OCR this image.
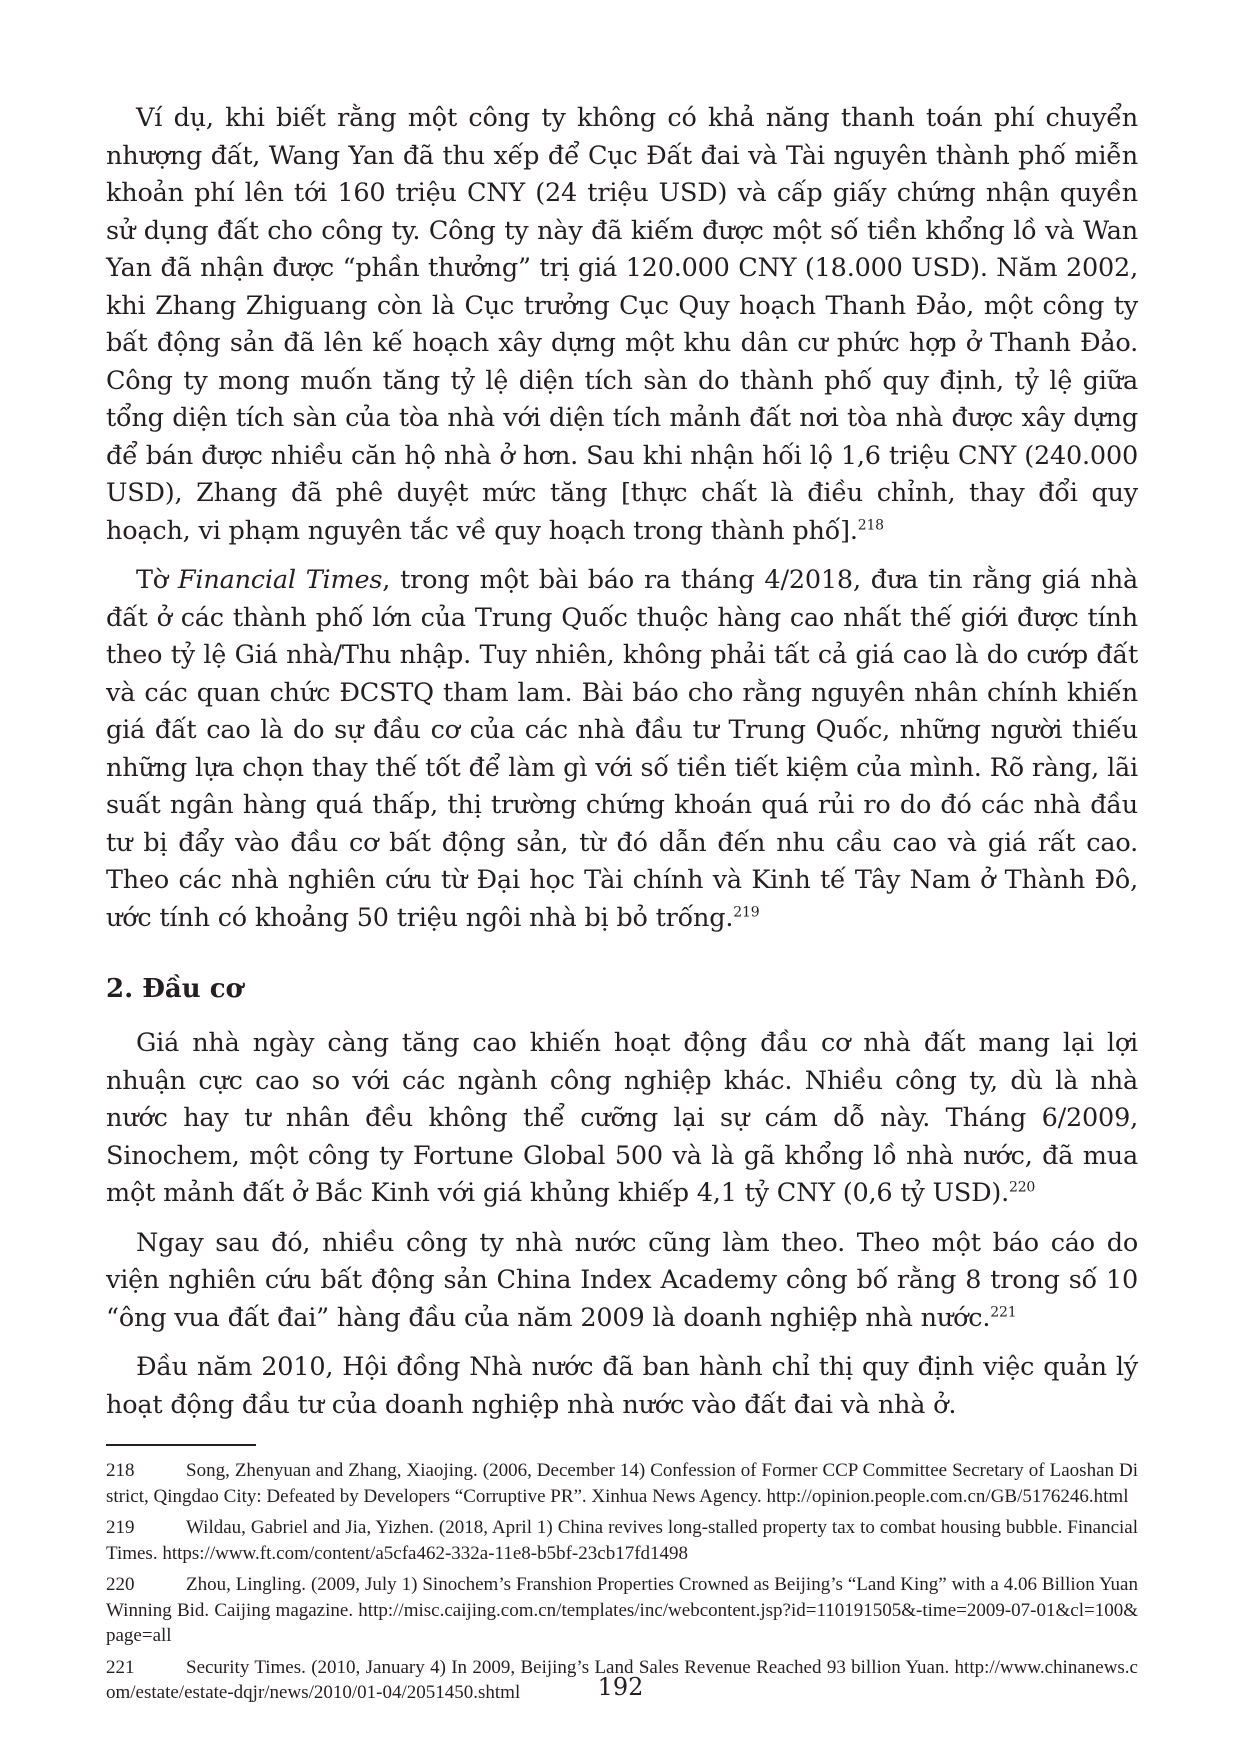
Ví dụ, khi biết rằng một công ty không có khả năng thanh toán phí chuyển nhượng đất, Wang Yan đã thu xếp để Cục Đất đai và Tài nguyên thành phố miễn khoản phí lên tới 160 triệu CNY (24 triệu USD) và cấp giấy chứng nhận quyền sử dụng đất cho công ty. Công ty này đã kiếm được một số tiền khổng lồ và Wan Yan đã nhận được “phần thưởng” trị giá 120.000 CNY (18.000 USD). Năm 2002, khi Zhang Zhiguang còn là Cục trưởng Cục Quy hoạch Thanh Đảo, một công ty bất động sản đã lên kế hoạch xây dựng một khu dân cư phức hợp ở Thanh Đảo. Công ty mong muốn tăng tỷ lệ diện tích sàn do thành phố quy định, tỷ lệ giữa tổng diện tích sàn của tòa nhà với diện tích mảnh đất nơi tòa nhà được xây dựng để bán được nhiều căn hộ nhà ở hơn. Sau khi nhận hối lộ 1,6 triệu CNY (240.000 USD), Zhang đã phê duyệt mức tăng [thực chất là điều chỉnh, thay đổi quy hoạch, vi phạm nguyên tắc về quy hoạch trong thành phố].$^{218}$

Tờ Financial Times, trong một bài báo ra tháng 4/2018, đưa tin rằng giá nhà đất ở các thành phố lớn của Trung Quốc thuộc hàng cao nhất thế giới được tính theo tỷ lệ Giá nhà/Thu nhập. Tuy nhiên, không phải tất cả giá cao là do cướp đất và các quan chức ĐCSTQ tham lam. Bài báo cho rằng nguyên nhân chính khiến giá đất cao là do sự đầu cơ của các nhà đầu tư Trung Quốc, những người thiếu những lựa chọn thay thế tốt để làm gì với số tiền tiết kiệm của mình. Rõ ràng, lãi suất ngân hàng quá thấp, thị trường chứng khoán quá rủi ro do đó các nhà đầu tư bị đẩy vào đầu cơ bất động sản, từ đó dẫn đến nhu cầu cao và giá rất cao. Theo các nhà nghiên cứu từ Đại học Tài chính và Kinh tế Tây Nam ở Thành Đô, ước tính có khoảng 50 triệu ngôi nhà bị bỏ trống.$^{219}$

2. Đầu cơ

Giá nhà ngày càng tăng cao khiến hoạt động đầu cơ nhà đất mang lại lợi nhuận cực cao so với các ngành công nghiệp khác. Nhiều công ty, dù là nhà nước hay tư nhân đều không thể cưỡng lại sự cám dỗ này. Tháng 6/2009, Sinochem, một công ty Fortune Global 500 và là gã khổng lồ nhà nước, đã mua một mảnh đất ở Bắc Kinh với giá khủng khiếp 4,1 tỷ CNY (0,6 tỷ USD).$^{220}$

Ngay sau đó, nhiều công ty nhà nước cũng làm theo. Theo một báo cáo do viện nghiên cứu bất động sản China Index Academy công bố rằng 8 trong số 10 “ông vua đất đai” hàng đầu của năm 2009 là doanh nghiệp nhà nước.$^{221}$

Đầu năm 2010, Hội đồng Nhà nước đã ban hành chỉ thị quy định việc quản lý hoạt động đầu tư của doanh nghiệp nhà nước vào đất đai và nhà ở.

218	Song, Zhenyuan and Zhang, Xiaojing. (2006, December 14) Confession of Former CCP Committee Secretary of Laoshan District, Qingdao City: Defeated by Developers “Corruptive PR”. Xinhua News Agency. http://opinion.people.com.cn/GB/5176246.html

219	Wildau, Gabriel and Jia, Yizhen. (2018, April 1) China revives long-stalled property tax to combat housing bubble. Financial Times. https://www.ft.com/content/a5cfa462-332a-11e8-b5bf-23cb17fd1498

220	Zhou, Lingling. (2009, July 1) Sinochem’s Franshion Properties Crowned as Beijing’s “Land King” with a 4.06 Billion Yuan Winning Bid. Caijing magazine. http://misc.caijing.com.cn/templates/inc/webcontent.jsp?id=110191505&-time=2009-07-01&cl=100&page=all

221	Security Times. (2010, January 4) In 2009, Beijing’s Land Sales Revenue Reached 93 billion Yuan. http://www.chinanews.com/estate/estate-dqjr/news/2010/01-04/2051450.shtml	192
